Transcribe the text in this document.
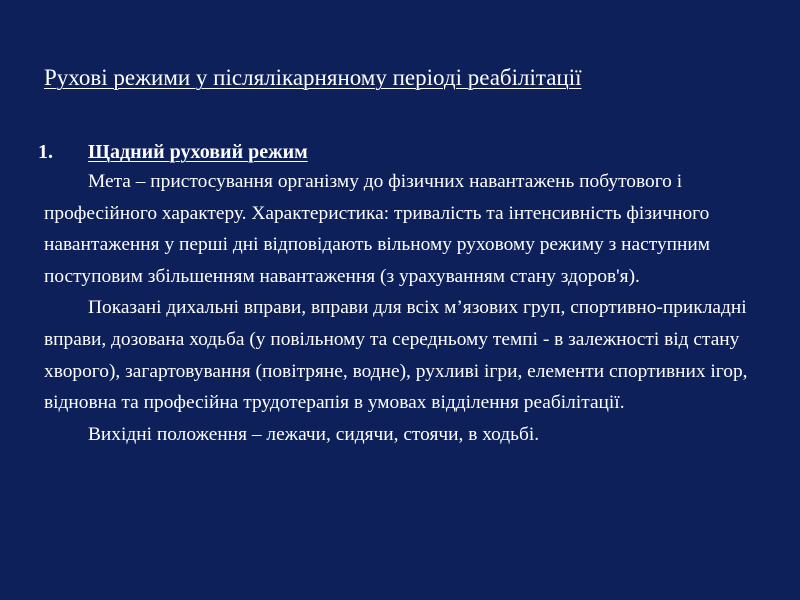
Рухові режими у післялікарняному періоді реабілітації
1. Щадний руховий режим

Мета – пристосування організму до фізичних навантажень побутового і професійного характеру. Характеристика: тривалість та інтенсивність фізичного навантаження у перші дні відповідають вільному руховому режиму з наступним поступовим збільшенням навантаження (з урахуванням стану здоров'я).

Показані дихальні вправи, вправи для всіх м’язових груп, спортивно-прикладні вправи, дозована ходьба (у повільному та середньому темпі - в залежності від стану хворого), загартовування (повітряне, водне), рухливі ігри, елементи спортивних ігор, відновна та професійна трудотерапія в умовах відділення реабілітації.

Вихідні положення – лежачи, сидячи, стоячи, в ходьбі.
